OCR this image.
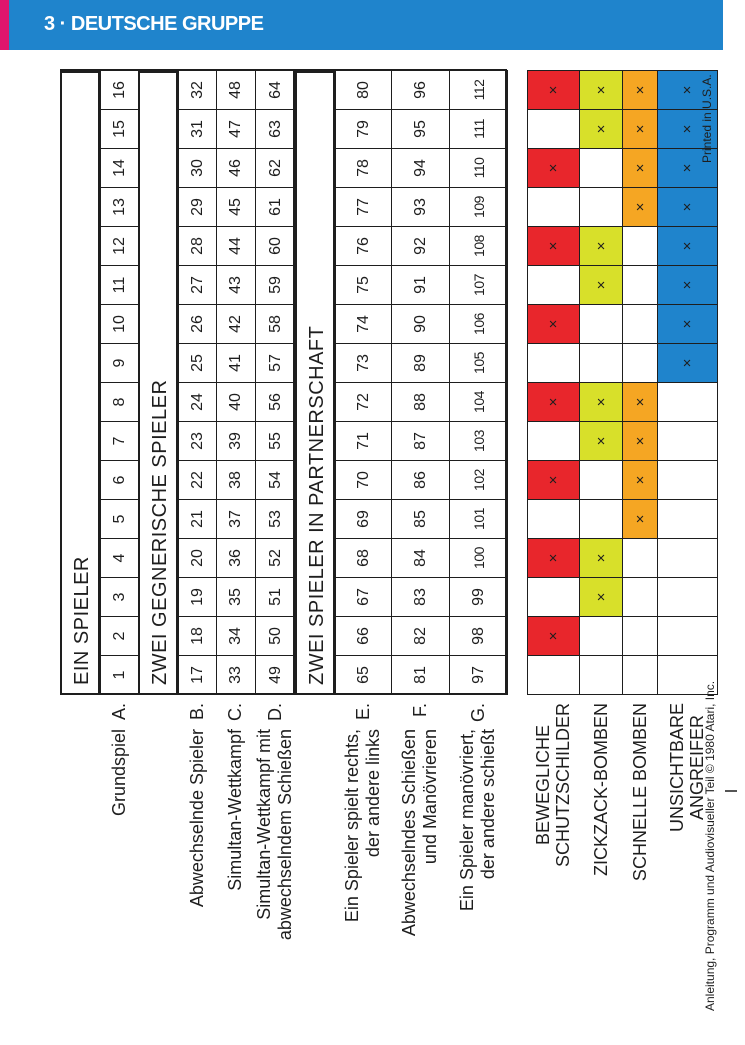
3 · DEUTSCHE GRUPPE
Grundspiel
A.
Abwechselnde Spieler
B.
Simultan-Wettkampf
C.
Simultan-Wettkampf mit abwechselndem Schießen
D.
Ein Spieler spielt rechts, der andere links
E.
Abwechselndes Schießen und Manövrieren
F.
Ein Spieler manövriert, der andere schießt
G.
BEWEGLICHE SCHUTZSCHILDER ZICKZACK-BOMBEN SCHNELLE BOMBEN UNSICHTBARE ANGREIFER
EIN SPIELER	ZWEI GEGNERISCHE SPIELER	ZWEI SPIELER IN PARTNERSCHAFT
1
2
3
4
5
6
7
8
9
10
11
12
13
14
15
16
17
18
19
20
21
22
23
24
25
26
27
28
29
30
31
32
33
34
35
36
37
38
39
40
41
42
43
44
45
46
47
48
49
50
51
52
53
54
55
56
57
58
59
60
61
62
63
64
65
66
67
68
69
70
71
72
73
74
75
76
77
78
79
80
81
82
83
84
85
86
87
88
89
90
91
92
93
94
95
96
97
98
99
100
101
102
103
104
105
106
107
108
109
110
111
112
×
×
×
×
×
×
×
×
×
×
×
×
×
×
×
×
×
×
×
×
×
×
×
×
×
×
×
×
×
×
×
×
Anleitung, Programm und Audiovisueller Teil © 1980 Atari, Inc.
Printed in U.S.A.
